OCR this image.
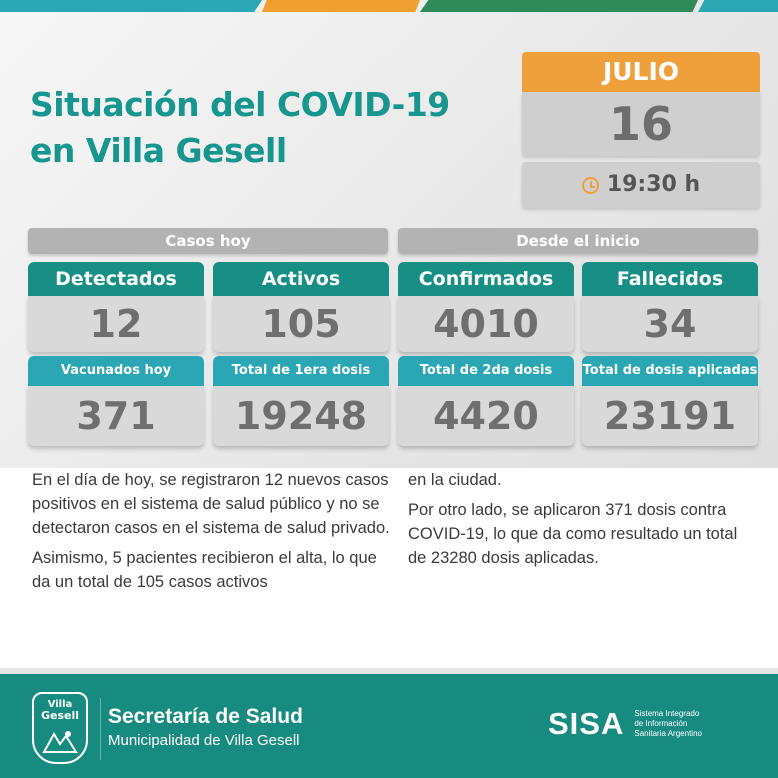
Situación del COVID-19
en Villa Gesell
JULIO
16
19:30 h
Casos hoy	Desde el inicio
Detectados
12
Activos
105
Confirmados
4010
Fallecidos
34
Vacunados hoy
371
Total de 1era dosis
19248
Total de 2da dosis
4420
Total de dosis aplicadas
23191

En el día de hoy, se registraron 12 nuevos casos positivos en el sistema de salud público y no se detectaron casos en el sistema de salud privado.

Asimismo, 5 pacientes recibieron el alta, lo que da un total de 105 casos activos

en la ciudad.

Por otro lado, se aplicaron 371 dosis contra COVID-19, lo que da como resultado un total de 23280 dosis aplicadas.

Villa
Gesell	Secretaría de Salud
Municipalidad de Villa Gesell	SISA Sistema Integrado
de Información
Sanitaria Argentino
